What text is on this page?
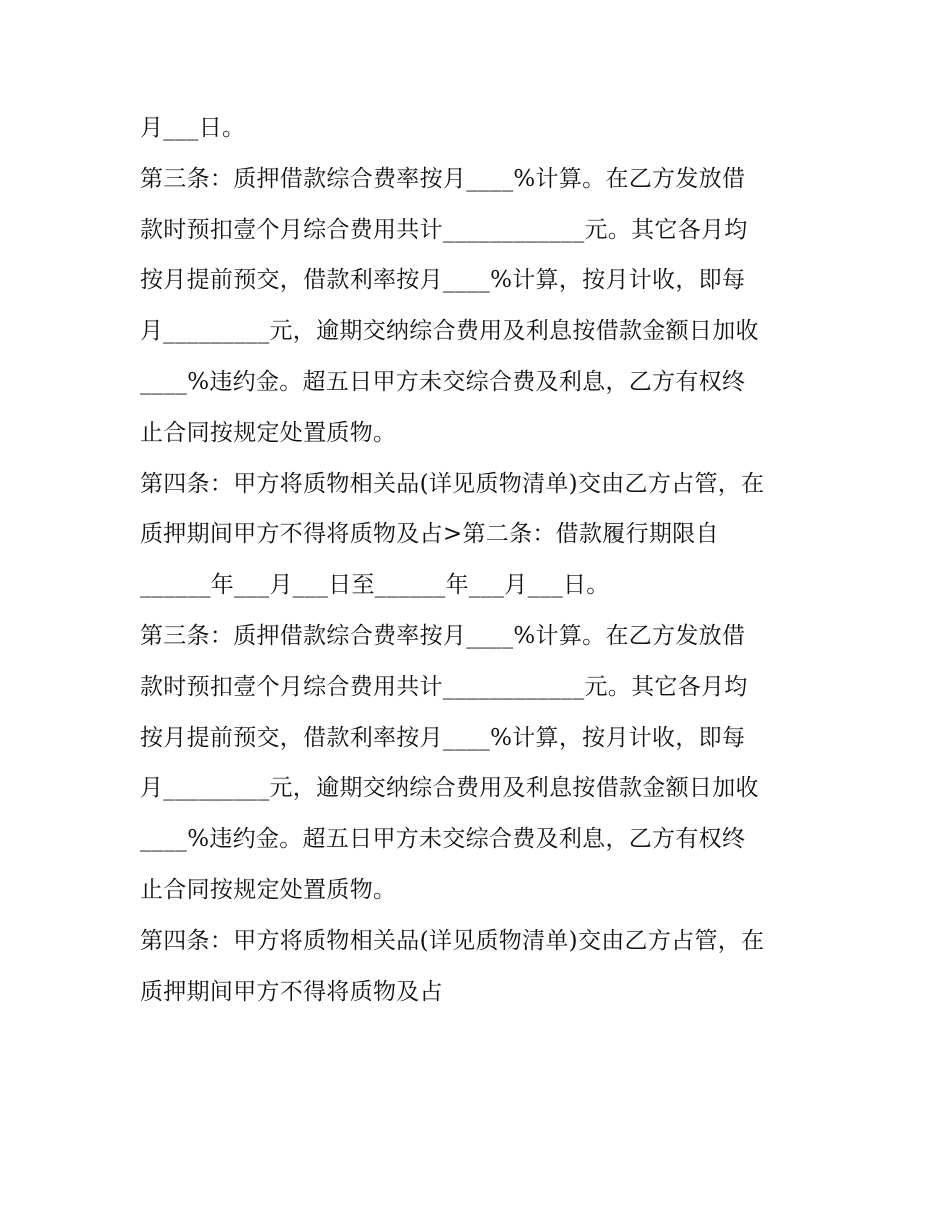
月___日。
第三条：质押借款综合费率按月____%计算。在乙方发放借
款时预扣壹个月综合费用共计____________元。其它各月均
按月提前预交，借款利率按月____%计算，按月计收，即每
月_________元，逾期交纳综合费用及利息按借款金额日加收
____%违约金。超五日甲方未交综合费及利息，乙方有权终
止合同按规定处置质物。
第四条：甲方将质物相关品(详见质物清单)交由乙方占管，在
质押期间甲方不得将质物及占>第二条：借款履行期限自
______年___月___日至______年___月___日。
第三条：质押借款综合费率按月____%计算。在乙方发放借
款时预扣壹个月综合费用共计____________元。其它各月均
按月提前预交，借款利率按月____%计算，按月计收，即每
月_________元，逾期交纳综合费用及利息按借款金额日加收
____%违约金。超五日甲方未交综合费及利息，乙方有权终
止合同按规定处置质物。
第四条：甲方将质物相关品(详见质物清单)交由乙方占管，在
质押期间甲方不得将质物及占
